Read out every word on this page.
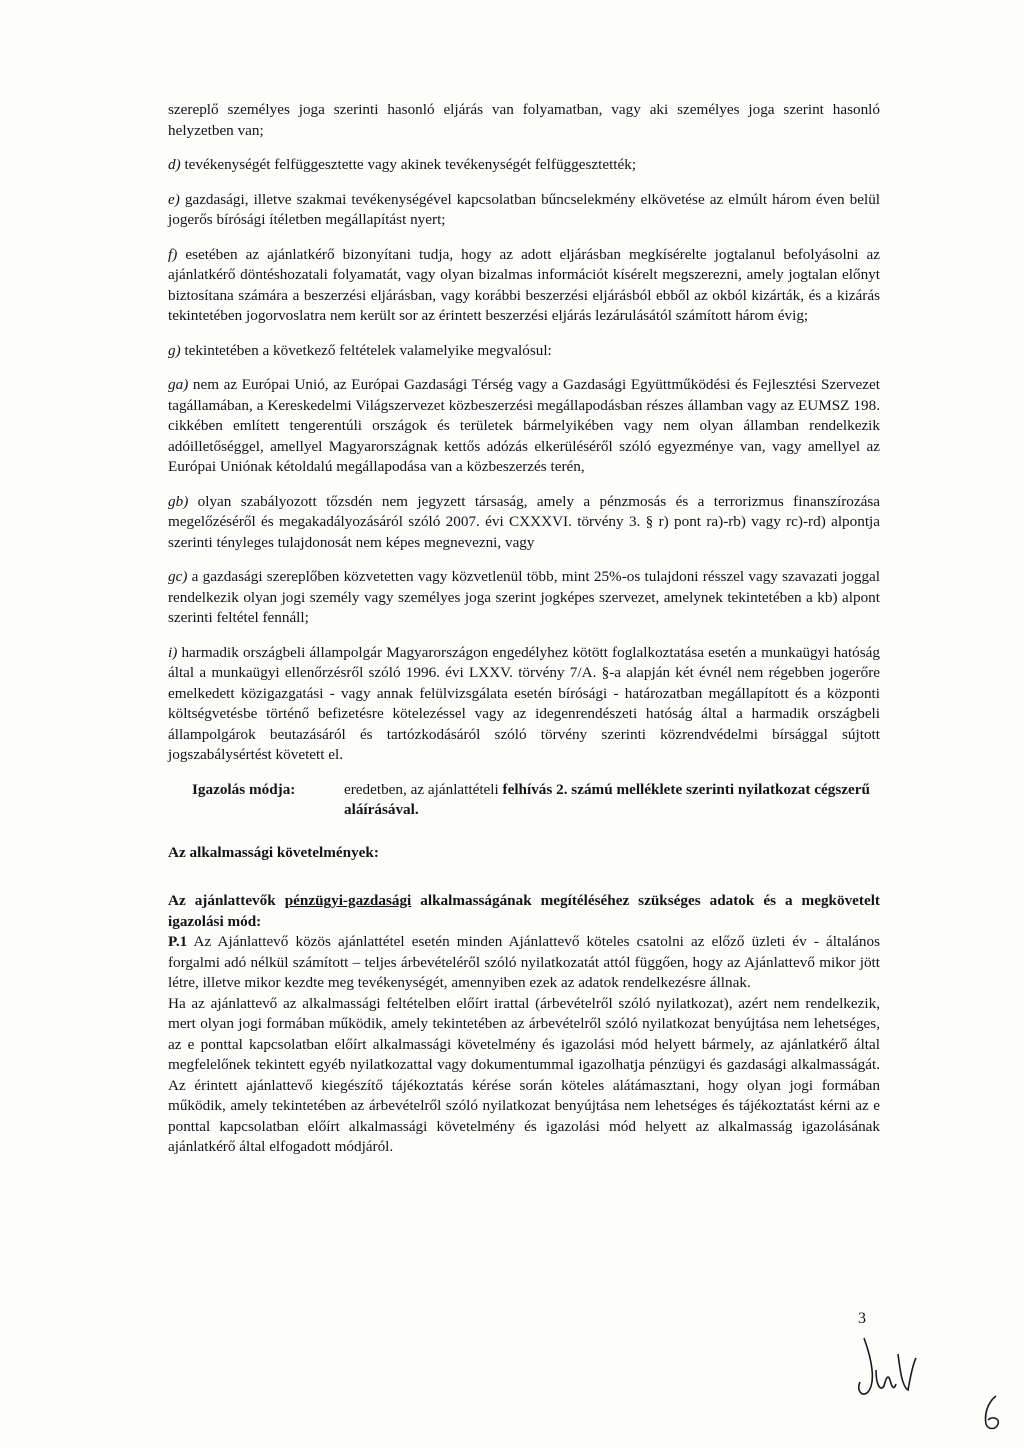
szereplő személyes joga szerinti hasonló eljárás van folyamatban, vagy aki személyes joga szerint hasonló helyzetben van;

d) tevékenységét felfüggesztette vagy akinek tevékenységét felfüggesztették;

e) gazdasági, illetve szakmai tevékenységével kapcsolatban bűncselekmény elkövetése az elmúlt három éven belül jogerős bírósági ítéletben megállapítást nyert;

f) esetében az ajánlatkérő bizonyítani tudja, hogy az adott eljárásban megkísérelte jogtalanul befolyásolni az ajánlatkérő döntéshozatali folyamatát, vagy olyan bizalmas információt kísérelt megszerezni, amely jogtalan előnyt biztosítana számára a beszerzési eljárásban, vagy korábbi beszerzési eljárásból ebből az okból kizárták, és a kizárás tekintetében jogorvoslatra nem került sor az érintett beszerzési eljárás lezárulásától számított három évig;

g) tekintetében a következő feltételek valamelyike megvalósul:

ga) nem az Európai Unió, az Európai Gazdasági Térség vagy a Gazdasági Együttműködési és Fejlesztési Szervezet tagállamában, a Kereskedelmi Világszervezet közbeszerzési megállapodásban részes államban vagy az EUMSZ 198. cikkében említett tengerentúli országok és területek bármelyikében vagy nem olyan államban rendelkezik adóilletőséggel, amellyel Magyarországnak kettős adózás elkerüléséről szóló egyezménye van, vagy amellyel az Európai Uniónak kétoldalú megállapodása van a közbeszerzés terén,

gb) olyan szabályozott tőzsdén nem jegyzett társaság, amely a pénzmosás és a terrorizmus finanszírozása megelőzéséről és megakadályozásáról szóló 2007. évi CXXXVI. törvény 3. § r) pont ra)-rb) vagy rc)-rd) alpontja szerinti tényleges tulajdonosát nem képes megnevezni, vagy

gc) a gazdasági szereplőben közvetetten vagy közvetlenül több, mint 25%-os tulajdoni résszel vagy szavazati joggal rendelkezik olyan jogi személy vagy személyes joga szerint jogképes szervezet, amelynek tekintetében a kb) alpont szerinti feltétel fennáll;

i) harmadik országbeli állampolgár Magyarországon engedélyhez kötött foglalkoztatása esetén a munkaügyi hatóság által a munkaügyi ellenőrzésről szóló 1996. évi LXXV. törvény 7/A. §-a alapján két évnél nem régebben jogerőre emelkedett közigazgatási - vagy annak felülvizsgálata esetén bírósági - határozatban megállapított és a központi költségvetésbe történő befizetésre kötelezéssel vagy az idegenrendészeti hatóság által a harmadik országbeli állampolgárok beutazásáról és tartózkodásáról szóló törvény szerinti közrendvédelmi bírsággal sújtott jogszabálysértést követett el.

Igazolás módja:	eredetben, az ajánlattételi felhívás 2. számú melléklete szerinti nyilatkozat cégszerű aláírásával.

Az alkalmassági követelmények:

Az ajánlattevők pénzügyi-gazdasági alkalmasságának megítéléséhez szükséges adatok és a megkövetelt igazolási mód:

P.1 Az Ajánlattevő közös ajánlattétel esetén minden Ajánlattevő köteles csatolni az előző üzleti év - általános forgalmi adó nélkül számított – teljes árbevételéről szóló nyilatkozatát attól függően, hogy az Ajánlattevő mikor jött létre, illetve mikor kezdte meg tevékenységét, amennyiben ezek az adatok rendelkezésre állnak.

Ha az ajánlattevő az alkalmassági feltételben előírt irattal (árbevételről szóló nyilatkozat), azért nem rendelkezik, mert olyan jogi formában működik, amely tekintetében az árbevételről szóló nyilatkozat benyújtása nem lehetséges, az e ponttal kapcsolatban előírt alkalmassági követelmény és igazolási mód helyett bármely, az ajánlatkérő által megfelelőnek tekintett egyéb nyilatkozattal vagy dokumentummal igazolhatja pénzügyi és gazdasági alkalmasságát. Az érintett ajánlattevő kiegészítő tájékoztatás kérése során köteles alátámasztani, hogy olyan jogi formában működik, amely tekintetében az árbevételről szóló nyilatkozat benyújtása nem lehetséges és tájékoztatást kérni az e ponttal kapcsolatban előírt alkalmassági követelmény és igazolási mód helyett az alkalmasság igazolásának ajánlatkérő által elfogadott módjáról.

3
